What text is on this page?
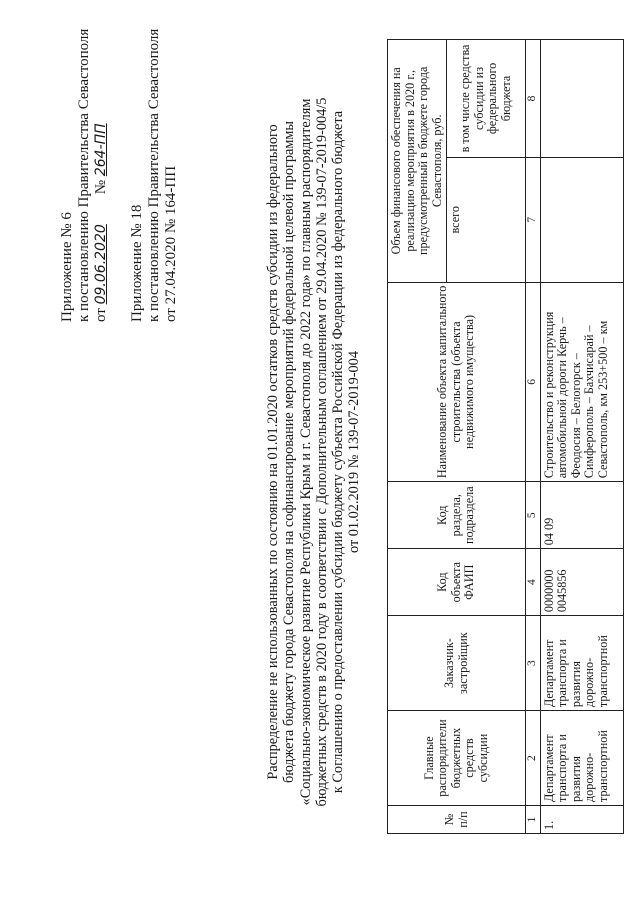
Приложение № 6 к постановлению Правительства Севастополя от 09.06.2020        № 264-ПП
Приложение № 18 к постановлению Правительства Севастополя от 27.04.2020 № 164-ПП	Распределение не использованных по состоянию на 01.01.2020 остатков средств субсидии из федерального бюджета бюджету города Севастополя на софинансирование мероприятий федеральной целевой программы «Социально-экономическое развитие Республики Крым и г. Севастополя до 2022 года» по главным распорядителям бюджетных средств в 2020 году в соответствии с Дополнительным соглашением от 29.04.2020 № 139-07-2019-004/5 к Соглашению о предоставлении субсидии бюджету субъекта Российской Федерации из федерального бюджета от 01.02.2019 № 139-07-2019-004
№ п/п	Главные распорядители бюджетных средств субсидии	Заказчик-застройщик	Код объекта ФАИП	Код раздела, подраздела	Наименование объекта капитального строительства (объекта недвижимого имущества)	Объем финансового обеспечения на реализацию мероприятия в 2020 г., предусмотренный в бюджете города Севастополя, руб.	
						всего	в том числе средства субсидии из федерального бюджета
1	2	3	4	5	6	7	8
1.	Департамент транспорта и развития дорожно-транспортной	Департамент транспорта и развития дорожно-транспортной	0000000 0045856	04 09	Строительство и реконструкция автомобильной дороги Керчь – Феодосия – Белогорск – Симферополь – Бахчисарай – Севастополь, км 253+500 – км		
